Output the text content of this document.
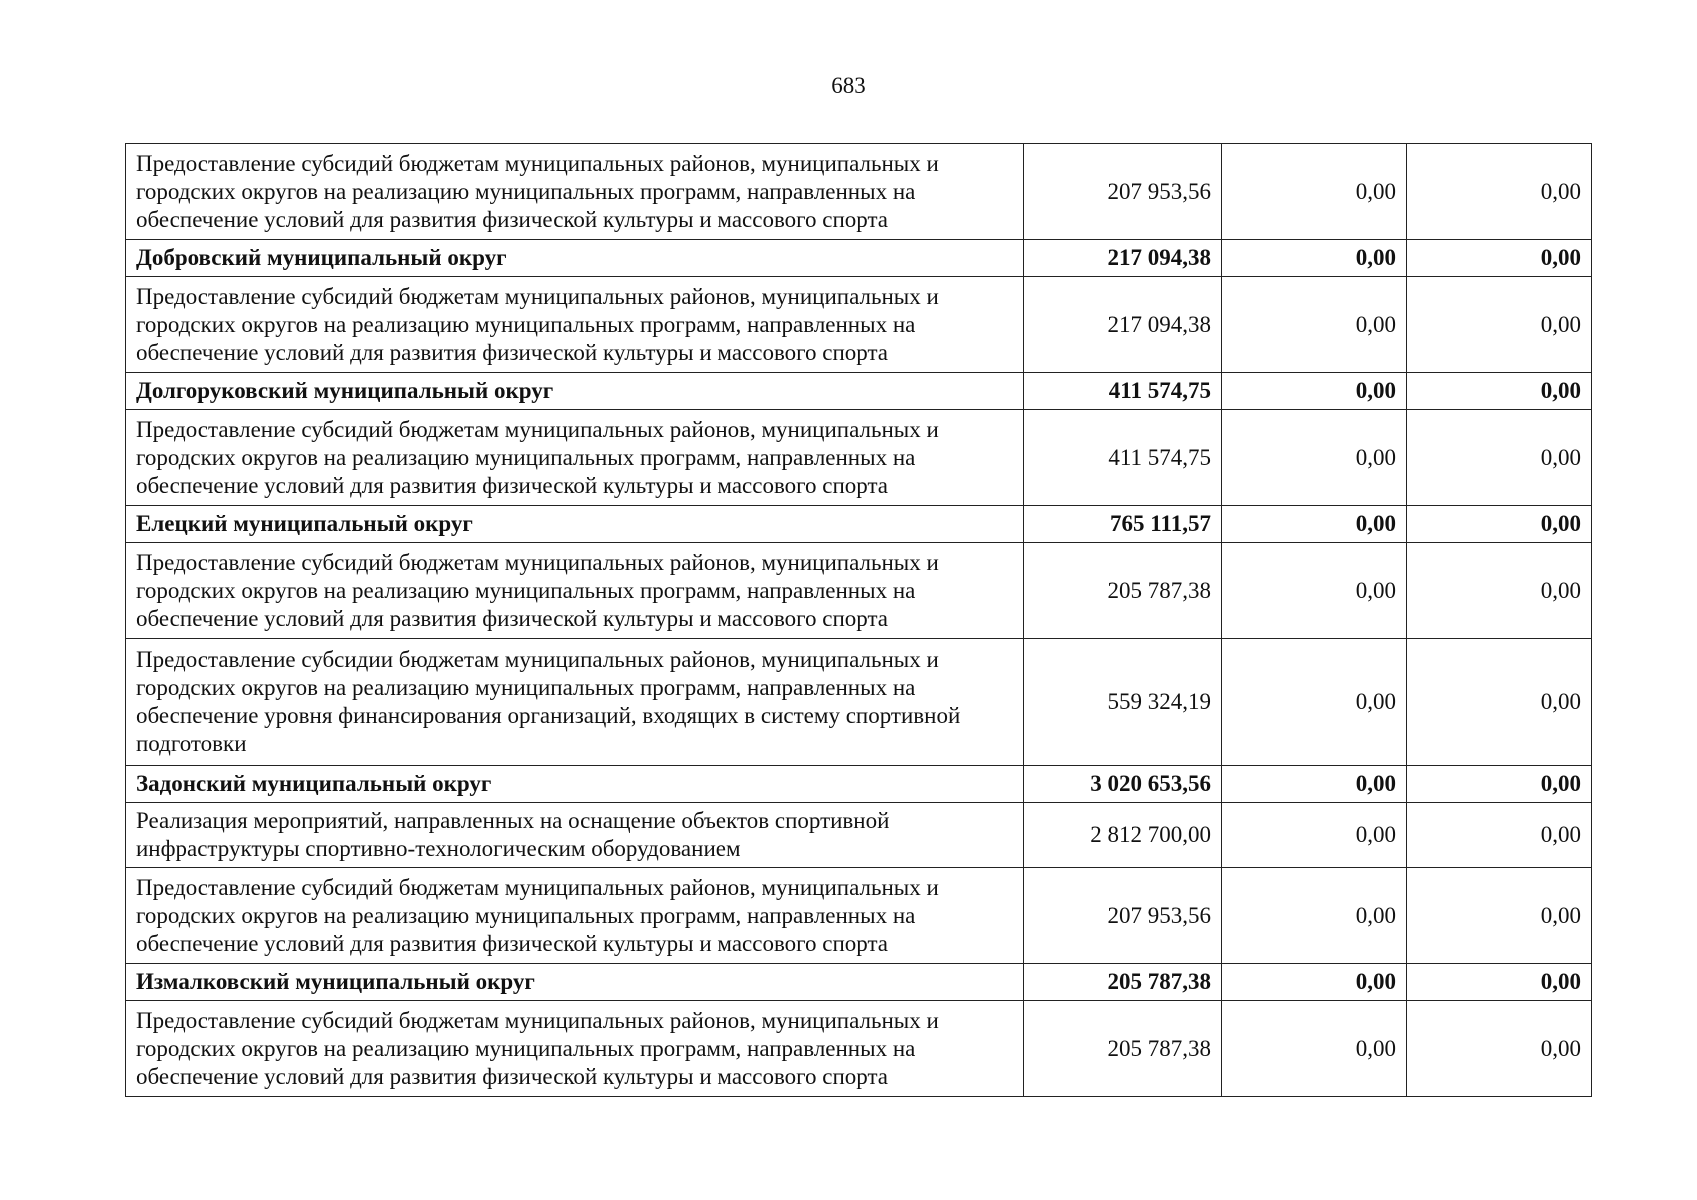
683
Предоставление субсидий бюджетам муниципальных районов, муниципальных и городских округов на реализацию муниципальных программ, направленных на обеспечение условий для развития физической культуры и массового спорта	207 953,56	0,00	0,00
Добровский муниципальный округ	217 094,38	0,00	0,00
Предоставление субсидий бюджетам муниципальных районов, муниципальных и городских округов на реализацию муниципальных программ, направленных на обеспечение условий для развития физической культуры и массового спорта	217 094,38	0,00	0,00
Долгоруковский муниципальный округ	411 574,75	0,00	0,00
Предоставление субсидий бюджетам муниципальных районов, муниципальных и городских округов на реализацию муниципальных программ, направленных на обеспечение условий для развития физической культуры и массового спорта	411 574,75	0,00	0,00
Елецкий муниципальный округ	765 111,57	0,00	0,00
Предоставление субсидий бюджетам муниципальных районов, муниципальных и городских округов на реализацию муниципальных программ, направленных на обеспечение условий для развития физической культуры и массового спорта	205 787,38	0,00	0,00
Предоставление субсидии бюджетам муниципальных районов, муниципальных и городских округов на реализацию муниципальных программ, направленных на обеспечение уровня финансирования организаций, входящих в систему спортивной подготовки	559 324,19	0,00	0,00
Задонский муниципальный округ	3 020 653,56	0,00	0,00
Реализация мероприятий, направленных на оснащение объектов спортивной инфраструктуры спортивно-технологическим оборудованием	2 812 700,00	0,00	0,00
Предоставление субсидий бюджетам муниципальных районов, муниципальных и городских округов на реализацию муниципальных программ, направленных на обеспечение условий для развития физической культуры и массового спорта	207 953,56	0,00	0,00
Измалковский муниципальный округ	205 787,38	0,00	0,00
Предоставление субсидий бюджетам муниципальных районов, муниципальных и городских округов на реализацию муниципальных программ, направленных на обеспечение условий для развития физической культуры и массового спорта	205 787,38	0,00	0,00
